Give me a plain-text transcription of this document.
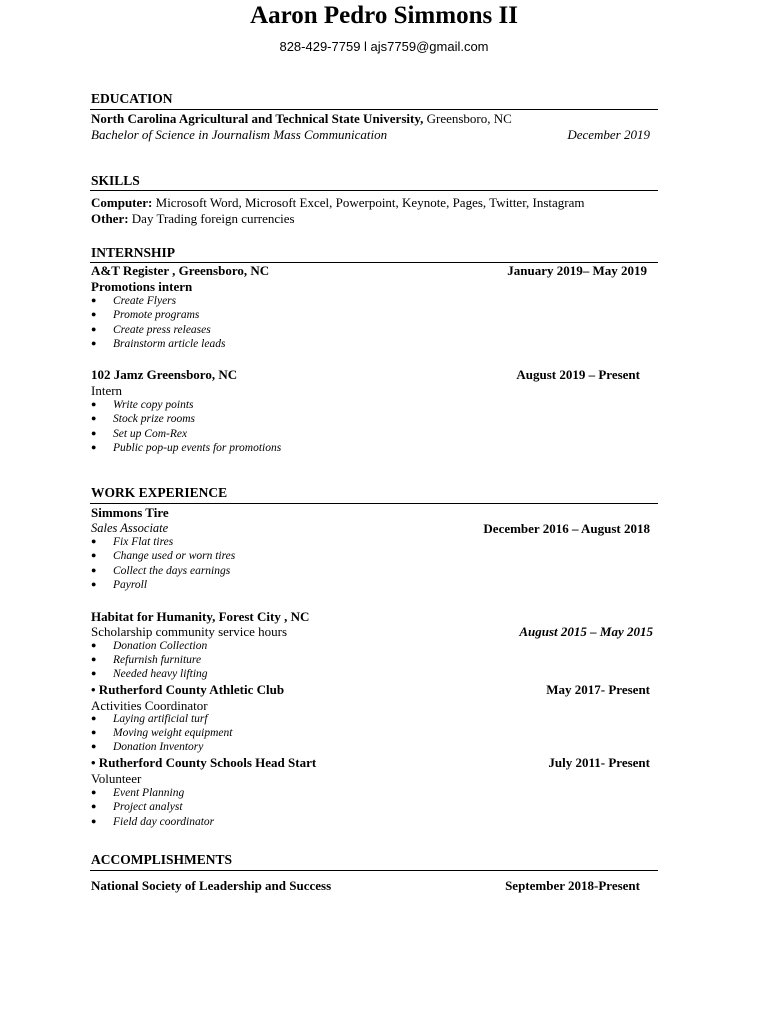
Aaron Pedro Simmons II
828-429-7759 l ajs7759@gmail.com
EDUCATION
North Carolina Agricultural and Technical State University, Greensboro, NC
Bachelor of Science in Journalism Mass Communication	December 2019
SKILLS
Computer: Microsoft Word, Microsoft Excel, Powerpoint, Keynote, Pages, Twitter, Instagram
Other: Day Trading foreign currencies
INTERNSHIP
A&T Register , Greensboro, NC	January 2019– May 2019
Promotions intern
● Create Flyers
● Promote programs
● Create press releases
● Brainstorm article leads
102 Jamz Greensboro, NC	August 2019 – Present
Intern
● Write copy points
● Stock prize rooms
● Set up Com-Rex
● Public pop-up events for promotions
WORK EXPERIENCE
Simmons Tire
Sales Associate	December 2016 – August 2018
● Fix Flat tires
● Change used or worn tires
● Collect the days earnings
● Payroll
Habitat for Humanity, Forest City , NC
Scholarship community service hours	August 2015 – May 2015
● Donation Collection
● Refurnish furniture
● Needed heavy lifting
• Rutherford County Athletic Club	May 2017- Present
Activities Coordinator
● Laying artificial turf
● Moving weight equipment
● Donation Inventory
• Rutherford County Schools Head Start	July 2011- Present
Volunteer
● Event Planning
● Project analyst
● Field day coordinator
ACCOMPLISHMENTS
National Society of Leadership and Success	September 2018-Present
